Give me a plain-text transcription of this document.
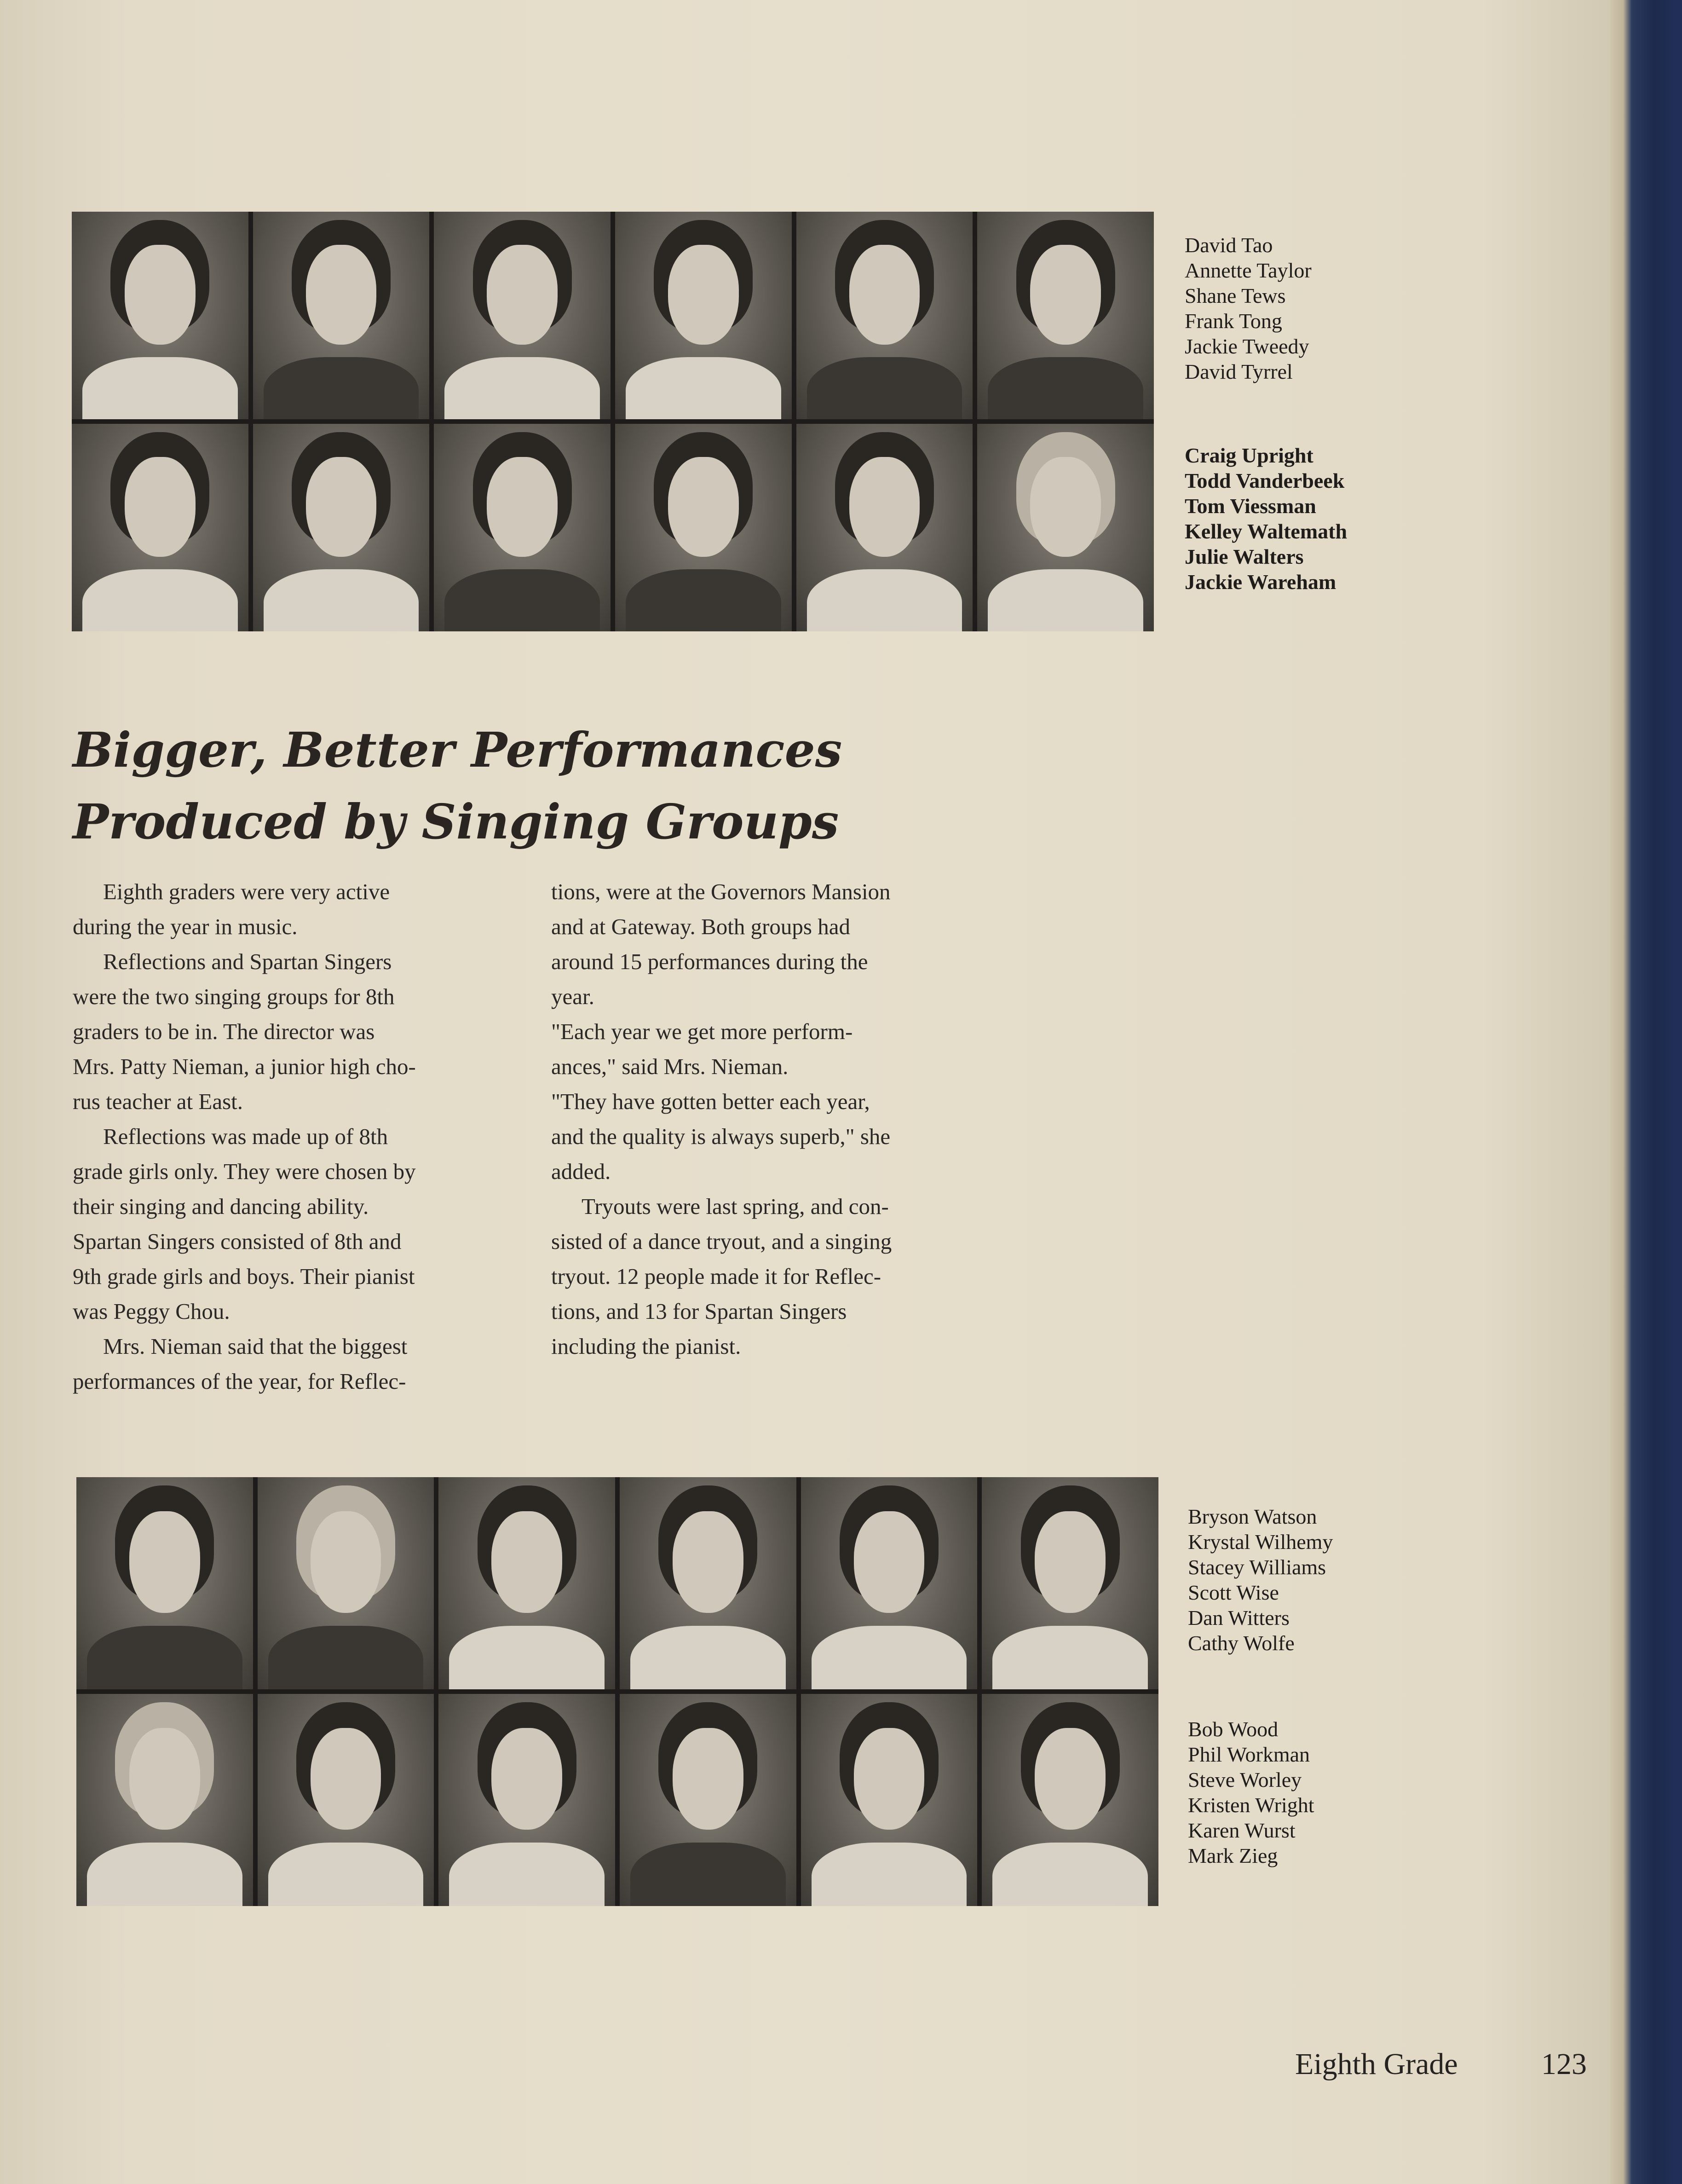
David Tao
Annette Taylor
Shane Tews
Frank Tong
Jackie Tweedy
David Tyrrel
Craig Upright
Todd Vanderbeek
Tom Viessman
Kelley Waltemath
Julie Walters
Jackie Wareham
Bigger, Better Performances
Produced by Singing Groups
Eighth graders were very active
during the year in music.
Reflections and Spartan Singers
were the two singing groups for 8th
graders to be in. The director was
Mrs. Patty Nieman, a junior high cho-
rus teacher at East.
Reflections was made up of 8th
grade girls only. They were chosen by
their singing and dancing ability.
Spartan Singers consisted of 8th and
9th grade girls and boys. Their pianist
was Peggy Chou.
Mrs. Nieman said that the biggest
performances of the year, for Reflec-
tions, were at the Governors Mansion
and at Gateway. Both groups had
around 15 performances during the
year.
"Each year we get more perform-
ances," said Mrs. Nieman.
"They have gotten better each year,
and the quality is always superb," she
added.
Tryouts were last spring, and con-
sisted of a dance tryout, and a singing
tryout. 12 people made it for Reflec-
tions, and 13 for Spartan Singers
including the pianist.
Bryson Watson
Krystal Wilhemy
Stacey Williams
Scott Wise
Dan Witters
Cathy Wolfe
Bob Wood
Phil Workman
Steve Worley
Kristen Wright
Karen Wurst
Mark Zieg
Eighth Grade	123
